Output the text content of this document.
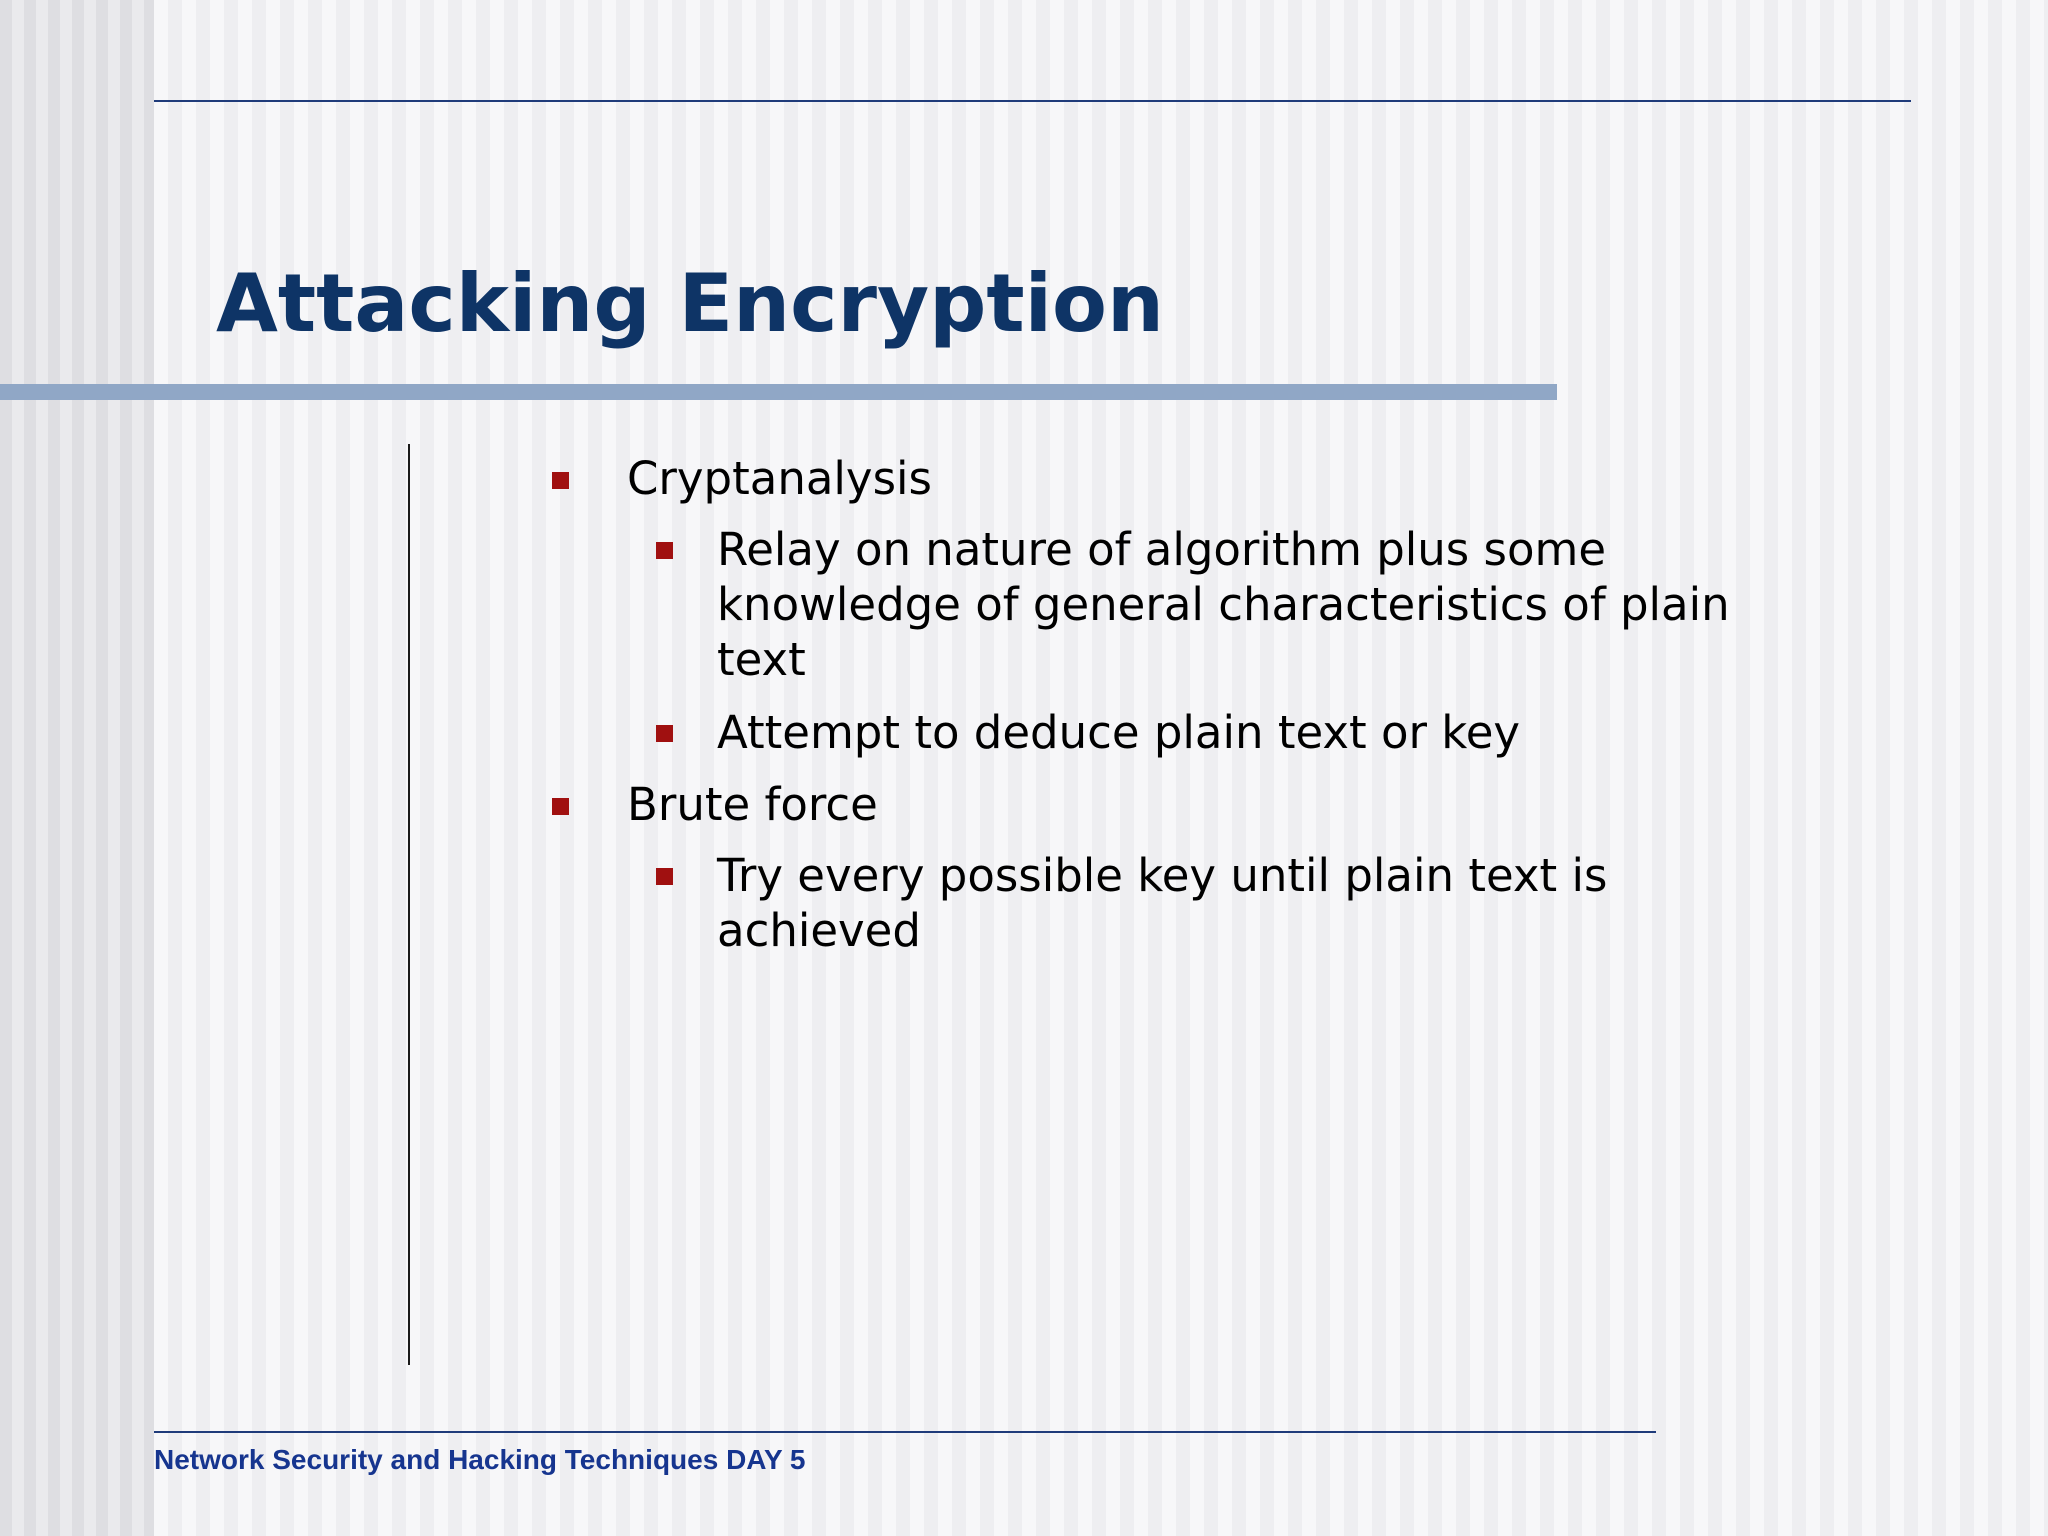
Attacking Encryption
Cryptanalysis
Relay on nature of algorithm plus some knowledge of general characteristics of plain text
Attempt to deduce plain text or key
Brute force
Try every possible key until plain text is achieved

Network Security and Hacking Techniques DAY 5
